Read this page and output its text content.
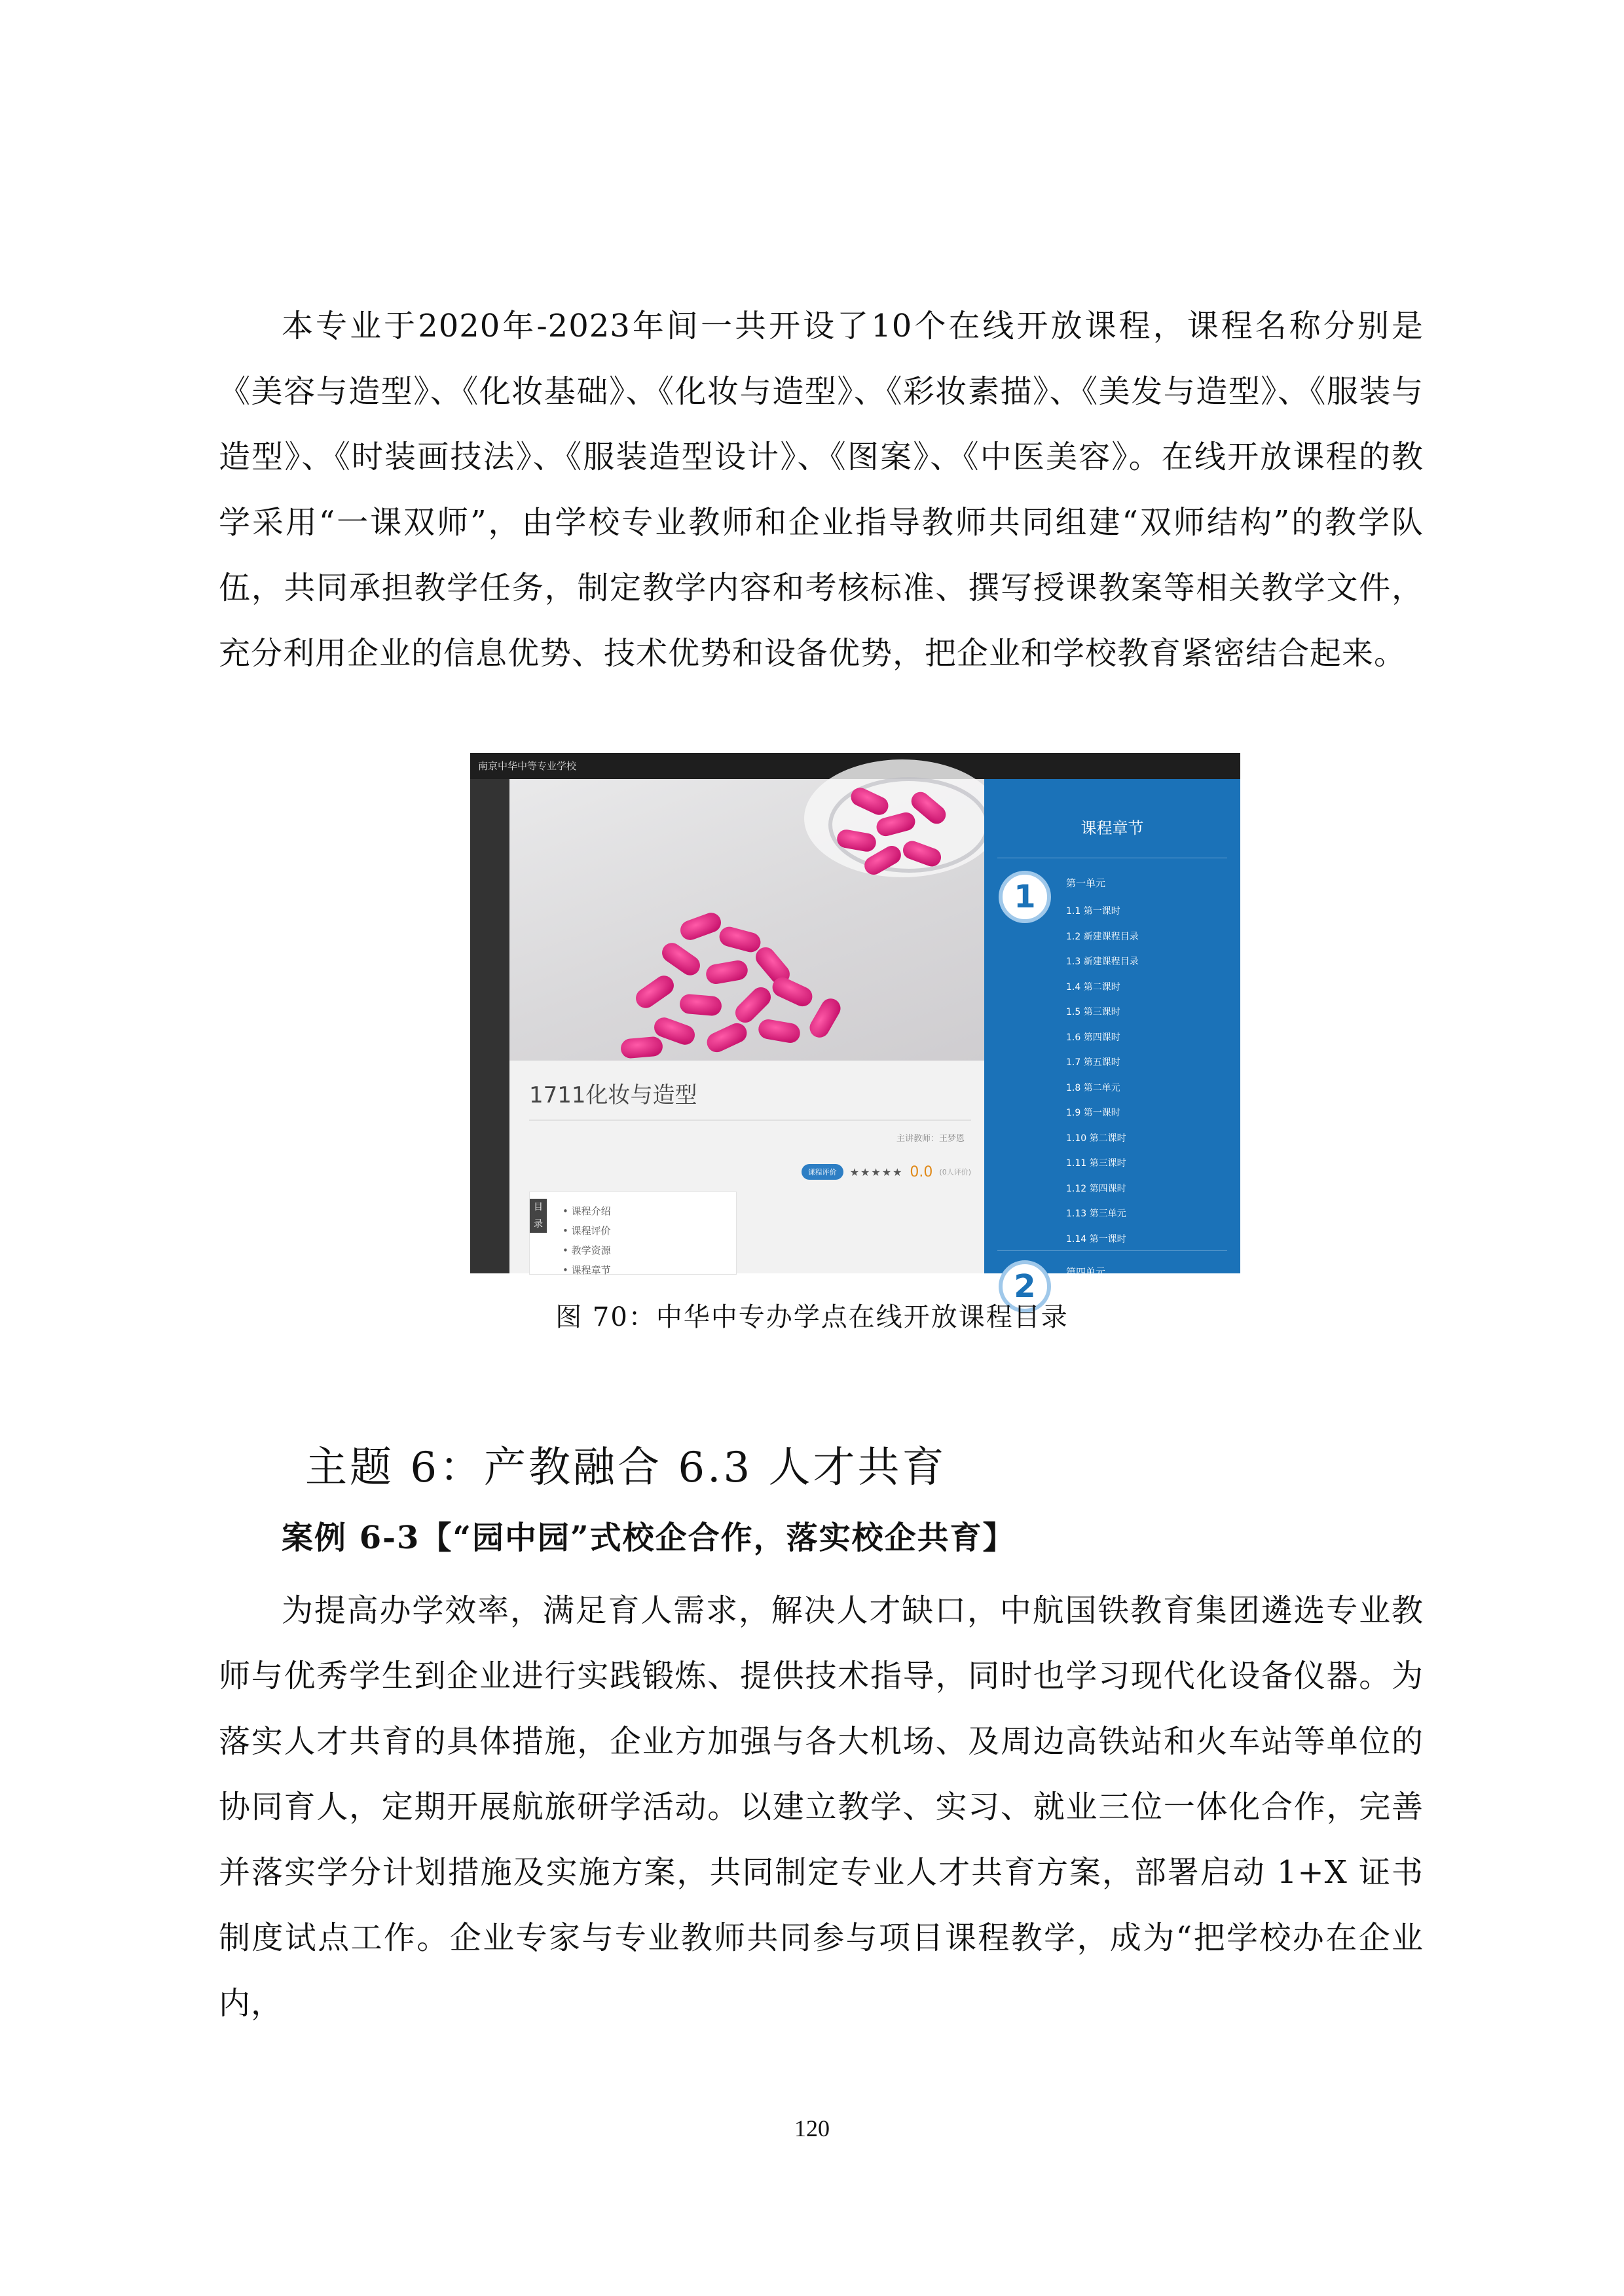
本专业于2020年-2023年间一共开设了10个在线开放课程，课程名称分别是《美容与造型》、《化妆基础》、《化妆与造型》、《彩妆素描》、《美发与造型》、《服装与造型》、《时装画技法》、《服装造型设计》、《图案》、《中医美容》。在线开放课程的教学采用“一课双师”，由学校专业教师和企业指导教师共同组建“双师结构”的教学队伍，共同承担教学任务，制定教学内容和考核标准、撰写授课教案等相关教学文件，充分利用企业的信息优势、技术优势和设备优势，把企业和学校教育紧密结合起来。

南京中华中等专业学校
1711化妆与造型
主讲教师：王梦恩
课程评价	★★★★★ 0.0 (0人评价)
目录
• 课程介绍
• 课程评价
• 教学资源
• 课程章节
课程章节
1	第一单元
1.1 第一课时
1.2 新建课程目录
1.3 新建课程目录
1.4 第二课时
1.5 第三课时
1.6 第四课时
1.7 第五课时
1.8 第二单元
1.9 第一课时
1.10 第二课时
1.11 第三课时
1.12 第四课时
1.13 第三单元
1.14 第一课时
2	第四单元
图 70：中华中专办学点在线开放课程目录
主题 6：产教融合 6.3 人才共育
案例 6-3【“园中园”式校企合作，落实校企共育】

为提高办学效率，满足育人需求，解决人才缺口，中航国铁教育集团遴选专业教师与优秀学生到企业进行实践锻炼、提供技术指导，同时也学习现代化设备仪器。为落实人才共育的具体措施，企业方加强与各大机场、及周边高铁站和火车站等单位的协同育人，定期开展航旅研学活动。以建立教学、实习、就业三位一体化合作，完善并落实学分计划措施及实施方案，共同制定专业人才共育方案，部署启动 1+X 证书制度试点工作。企业专家与专业教师共同参与项目课程教学，成为“把学校办在企业内，

120
